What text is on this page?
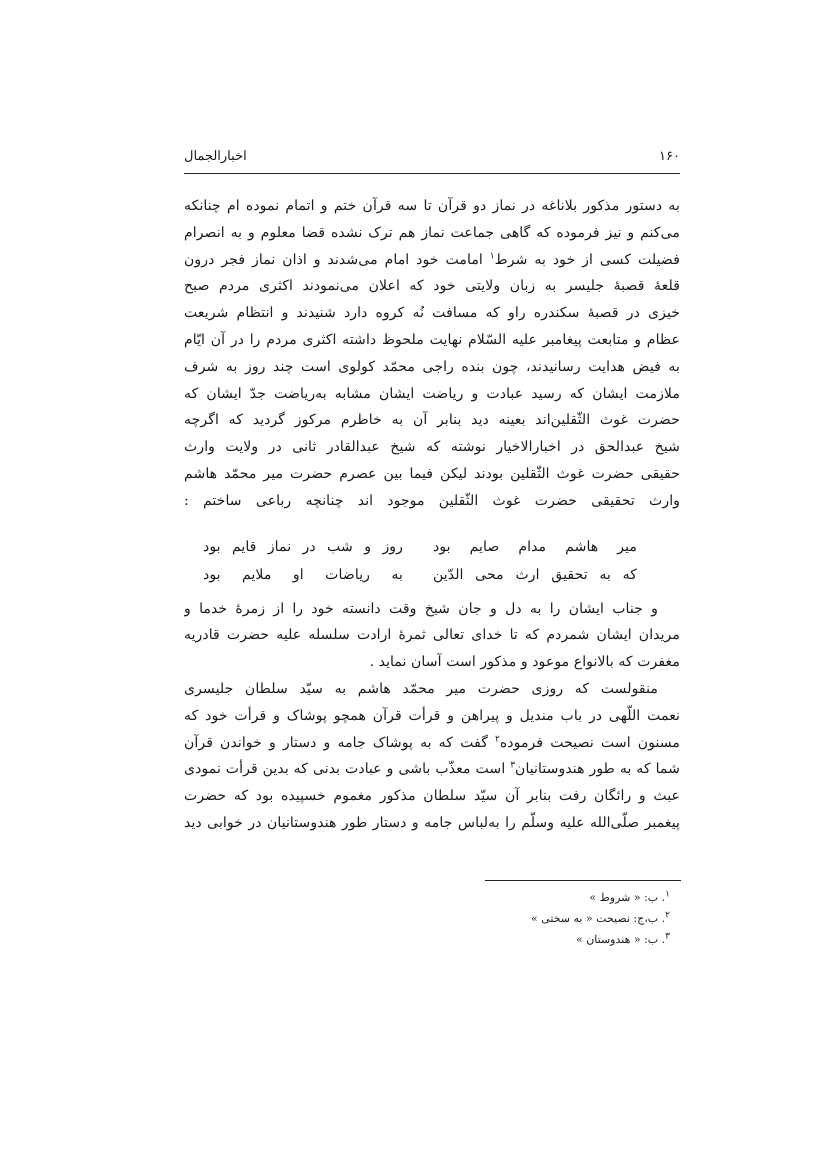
۱۶۰
اخبارالجمال
به دستور مذکور بلاناغه در نماز دو قرآن تا سه قرآن ختم و اتمام نموده ام چنانکه
می‌کنم و نیز فرموده که گاهی جماعت نماز هم ترک نشده قضا معلوم و به انصرام
فضیلت کسی از خود به شرط$^۱$ امامت خود امام می‌شدند و اذان نماز فجر درون
قلعهٔ قصبهٔ جلیسر به زبان ولایتی خود که اعلان می‌نمودند اکثری مردم صبح
خیزی در قصبهٔ سکندره راو که مسافت نُه کروه دارد شنیدند و انتظام شریعت
عظام و متابعت پیغامبر علیه السّلام نهایت ملحوظ داشته اکثری مردم را در آن ایّام
به فیض هدایت رسانیدند، چون بنده راجی محمّد کولوی است چند روز به شرف
ملازمت ایشان که رسید عبادت و ریاضت ایشان مشابه به‌ریاضت جدّ ایشان که
حضرت غوث الثّقلین‌اند بعینه دید بنابر آن به خاطرم مرکوز گردید که اگرچه
شیخ عبدالحق در اخبارالاخیار نوشته که شیخ عبدالقادر ثانی در ولایت وارث
حقیقی حضرت غوث الثّقلین بودند لیکن فیما بین عصرم حضرت میر محمّد هاشم
وارث تحقیقی حضرت غوث الثّقلین موجود اند چنانچه رباعی ساختم :
میر هاشم مدام صایم بود
روز و شب در نماز قایم بود
که به تحقیق ارث محی الدّین
به ریاضات او ملایم بود
و جناب ایشان را به دل و جان شیخ وقت دانسته خود را از زمرهٔ خدما و
مریدان ایشان شمردم که تا خدای تعالی ثمرهٔ ارادت سلسله علیه حضرت قادریه
مغفرت که بالانواع موعود و مذکور است آسان نماید .
منقولست که روزی حضرت میر محمّد هاشم به سیّد سلطان جلیسری
نعمت اللّهی در باب مندیل و پیراهن و قرأت قرآن همچو پوشاک و قرأت خود که
مسنون است نصیحت فرموده$^۲$ گفت که به پوشاک جامه و دستار و خواندن قرآن
شما که به طور هندوستانیان$^۳$ است معذّب باشی و عبادت بدنی که بدین قرأت نمودی
عبث و رائگان رفت بنابر آن سیّد سلطان مذکور مغموم خسپیده بود که حضرت
پیغمبر صلّی‌الله علیه وسلّم را به‌لباس جامه و دستار طور هندوستانیان در خوابی دید
$^۱$. ب: « شروط »
$^۲$. ب،ج: نصیحت « به سختی »
$^۳$. ب: « هندوستان »
